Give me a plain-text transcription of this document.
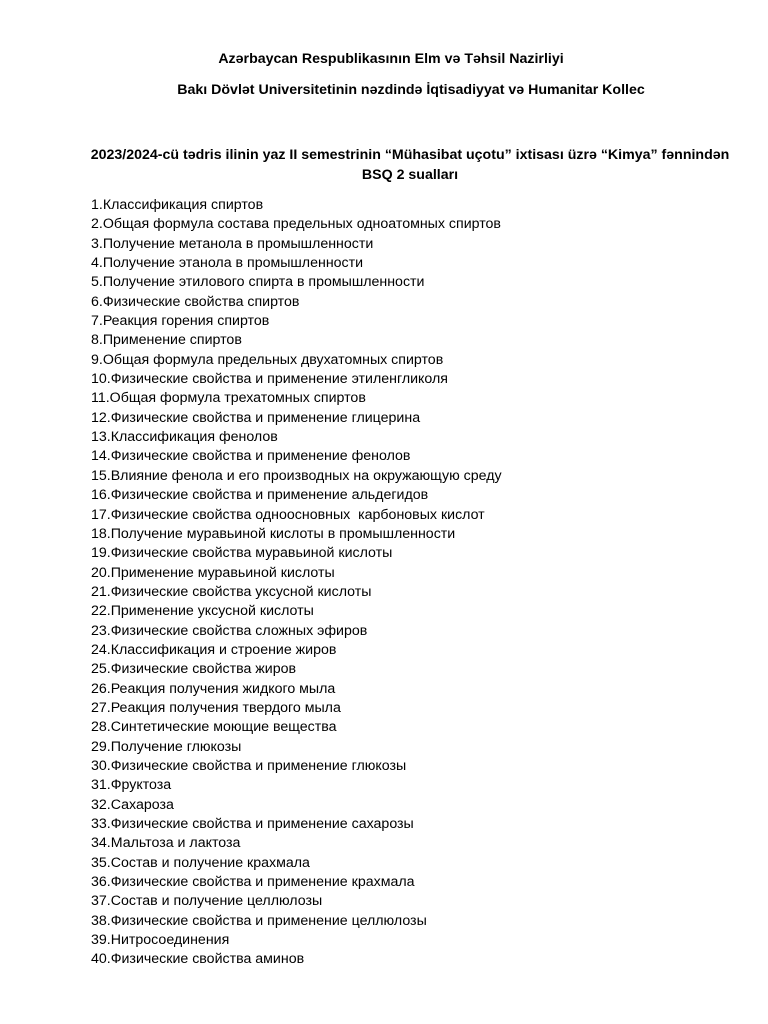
Azərbaycan Respublikasının Elm və Təhsil Nazirliyi
Bakı Dövlət Universitetinin nəzdində İqtisadiyyat və Humanitar Kollec
2023/2024-cü tədris ilinin yaz II semestrinin “Mühasibat uçotu” ixtisası üzrə “Kimya” fənnindən BSQ 2 sualları
1.Классификация спиртов
2.Общая формула состава предельных одноатомных спиртов
3.Получение метанола в промышленности
4.Получение этанола в промышленности
5.Получение этилового спирта в промышленности
6.Физические свойства спиртов
7.Реакция горения спиртов
8.Применение спиртов
9.Общая формула предельных двухатомных спиртов
10.Физические свойства и применение этиленгликоля
11.Общая формула трехатомных спиртов
12.Физические свойства и применение глицерина
13.Классификация фенолов
14.Физические свойства и применение фенолов
15.Влияние фенола и его производных на окружающую среду
16.Физические свойства и применение альдегидов
17.Физические свойства одноосновных  карбоновых кислот
18.Получение муравьиной кислоты в промышленности
19.Физические свойства муравьиной кислоты
20.Применение муравьиной кислоты
21.Физические свойства уксусной кислоты
22.Применение уксусной кислоты
23.Физические свойства сложных эфиров
24.Классификация и строение жиров
25.Физические свойства жиров
26.Реакция получения жидкого мыла
27.Реакция получения твердого мыла
28.Синтетические моющие вещества
29.Получение глюкозы
30.Физические свойства и применение глюкозы
31.Фруктоза
32.Сахароза
33.Физические свойства и применение сахарозы
34.Мальтоза и лактоза
35.Состав и получение крахмала
36.Физические свойства и применение крахмала
37.Состав и получение целлюлозы
38.Физические свойства и применение целлюлозы
39.Нитросоединения
40.Физические свойства аминов
